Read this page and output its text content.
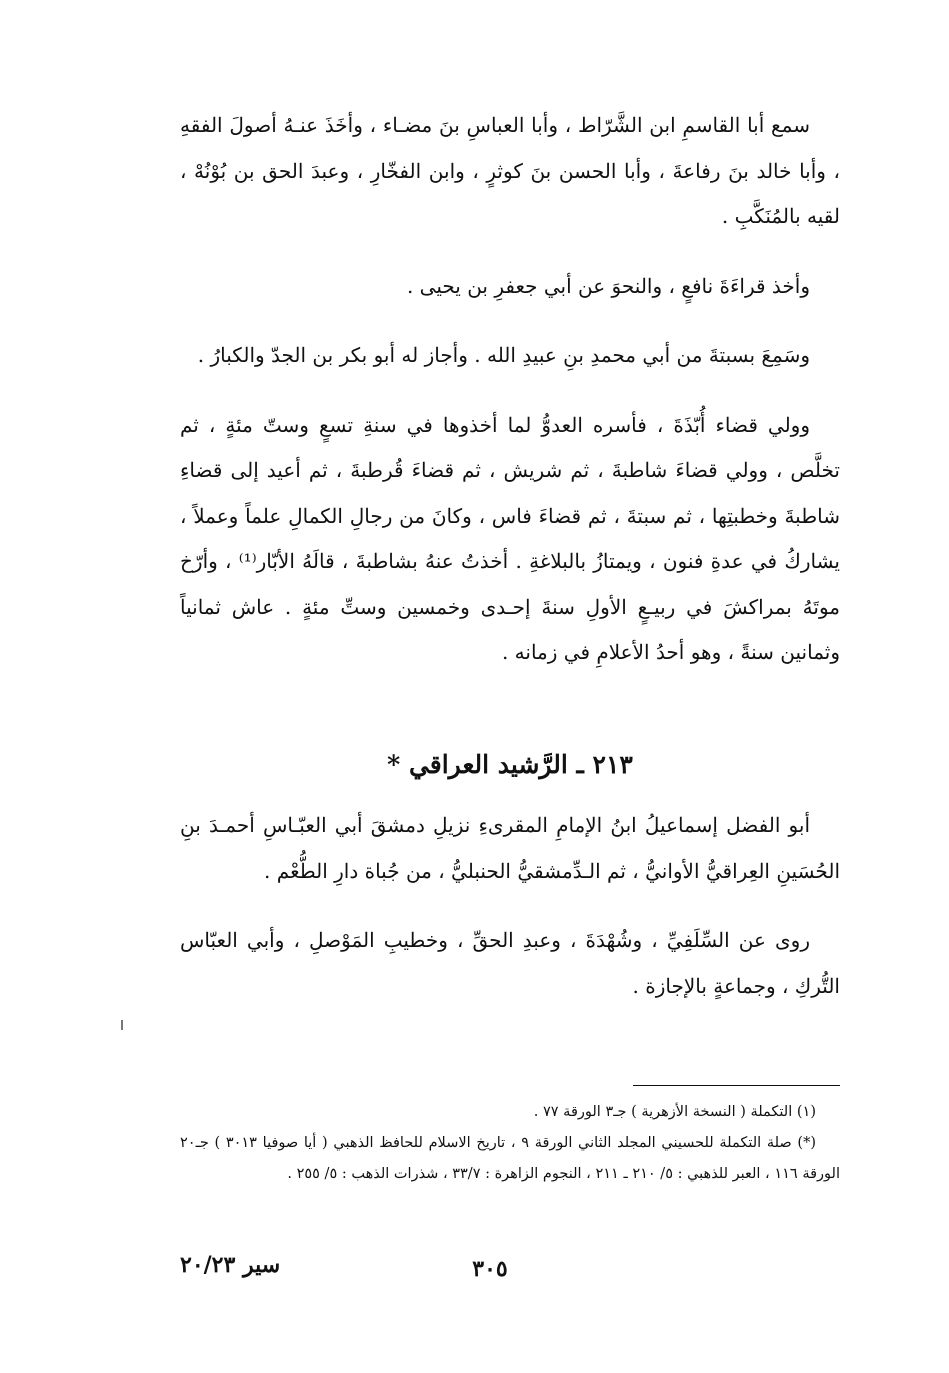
سمع أبا القاسمِ ابن الشَّرّاط ، وأبا العباسِ بنَ مضـاء ، وأخَذَ عنـهُ أصولَ الفقهِ ، وأبا خالد بنَ رفاعةَ ، وأبا الحسن بنَ كوثرٍ ، وابن الفخّارِ ، وعبدَ الحق بن بُوْنُهْ ، لقيه بالمُنَكَّبِ .

وأخذ قراءَةَ نافعٍ ، والنحوَ عن أبي جعفرِ بن يحيى .

وسَمِعَ بسبتةَ من أبي محمدِ بنِ عبيدِ الله . وأجاز له أبو بكر بن الجدّ والكبارُ .

وولي قضاء أُبّذَةَ ، فأسره العدوُّ لما أخذوها في سنةِ تسعٍ وستّ مئةٍ ، ثم تخلَّص ، وولي قضاءَ شاطبةَ ، ثم شريش ، ثم قضاءَ قُرطبةَ ، ثم أعيد إلى قضاءِ شاطبةَ وخطبتِها ، ثم سبتةَ ، ثم قضاءَ فاس ، وكانَ من رجالِ الكمالِ علماً وعملاً ، يشاركُ في عدةِ فنون ، ويمتازُ بالبلاغةِ . أخذتُ عنهُ بشاطبةَ ، قالَهُ الأبّار⁽¹⁾ ، وأرّخ موتَهُ بمراكشَ في ربيـعٍ الأولِ سنةَ إحـدى وخمسين وستِّ مئةٍ . عاش ثمانياً وثمانين سنةً ، وهو أحدُ الأعلامِ في زمانه .

٢١٣ ـ الرَّشيد العراقي *

أبو الفضل إسماعيلُ ابنُ الإمامِ المقرىءِ نزيلِ دمشقَ أبي العبّـاسِ أحمـدَ بنِ الحُسَينِ العِراقيُّ الأوانيُّ ، ثم الـدِّمشقيُّ الحنبليُّ ، من جُباة دارِ الطُّعْم .

روى عن السِّلَفِيِّ ، وشُهْدَةَ ، وعبدِ الحقِّ ، وخطيبِ المَوْصلِ ، وأبي العبّاس التُّركِ ، وجماعةٍ بالإجازة .

(١) التكملة ( النسخة الأزهرية ) جـ٣ الورقة ٧٧ .

(*) صلة التكملة للحسيني المجلد الثاني الورقة ٩ ، تاريخ الاسلام للحافظ الذهبي ( أيا صوفيا ٣٠١٣ ) جـ٢٠ الورقة ١١٦ ، العبر للذهبي : ٥/ ٢١٠ ـ ٢١١ ، النجوم الزاهرة : ٣٣/٧ ، شذرات الذهب : ٥/ ٢٥٥ .

٣٠٥
سير ٢٠/٢٣
